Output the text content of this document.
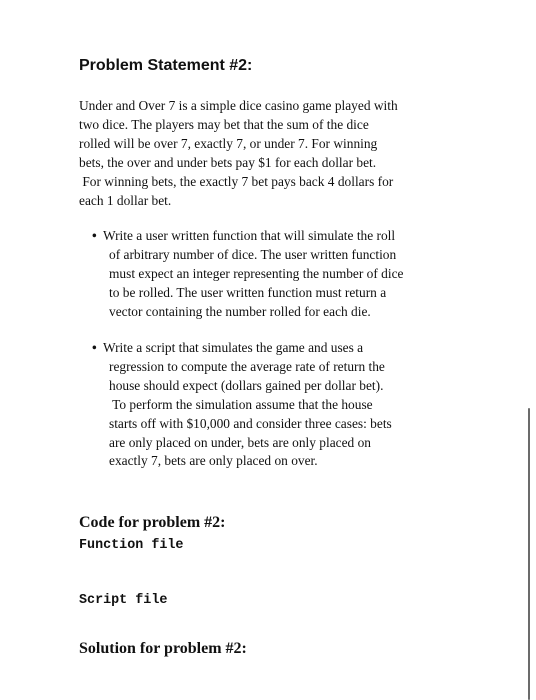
Problem Statement #2:
Under and Over 7 is a simple dice casino game played with
two dice. The players may bet that the sum of the dice
rolled will be over 7, exactly 7, or under 7. For winning
bets, the over and under bets pay $1 for each dollar bet.
For winning bets, the exactly 7 bet pays back 4 dollars for
each 1 dollar bet.
• Write a user written function that will simulate the roll
of arbitrary number of dice. The user written function
must expect an integer representing the number of dice
to be rolled. The user written function must return a
vector containing the number rolled for each die.
• Write a script that simulates the game and uses a
regression to compute the average rate of return the
house should expect (dollars gained per dollar bet).
To perform the simulation assume that the house
starts off with $10,000 and consider three cases: bets
are only placed on under, bets are only placed on
exactly 7, bets are only placed on over.
Code for problem #2:
Function file
Script file
Solution for problem #2:
